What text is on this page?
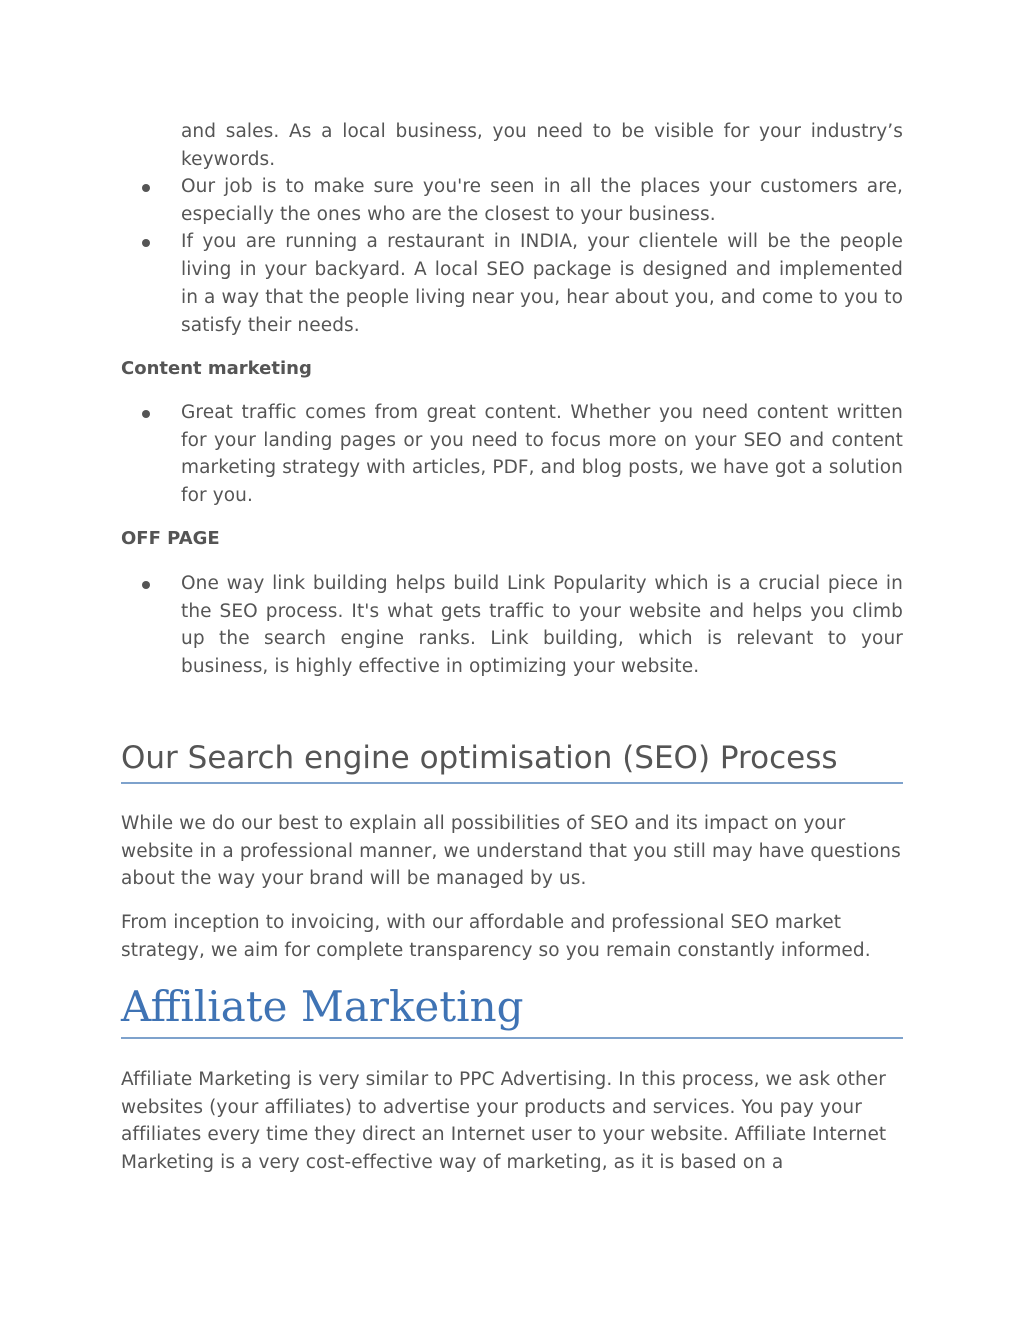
and sales. As a local business, you need to be visible for your industry’s keywords.
Our job is to make sure you're seen in all the places your customers are, especially the ones who are the closest to your business.
If you are running a restaurant in INDIA, your clientele will be the people living in your backyard. A local SEO package is designed and implemented in a way that the people living near you, hear about you, and come to you to satisfy their needs.
Content marketing
Great traffic comes from great content. Whether you need content written for your landing pages or you need to focus more on your SEO and content marketing strategy with articles, PDF, and blog posts, we have got a solution for you.
OFF PAGE
One way link building helps build Link Popularity which is a crucial piece in the SEO process. It's what gets traffic to your website and helps you climb up the search engine ranks. Link building, which is relevant to your business, is highly effective in optimizing your website.
Our Search engine optimisation (SEO) Process
While we do our best to explain all possibilities of SEO and its impact on your website in a professional manner, we understand that you still may have questions about the way your brand will be managed by us.
From inception to invoicing, with our affordable and professional SEO market strategy, we aim for complete transparency so you remain constantly informed.
Affiliate Marketing
Affiliate Marketing is very similar to PPC Advertising. In this process, we ask other websites (your affiliates) to advertise your products and services. You pay your affiliates every time they direct an Internet user to your website. Affiliate Internet Marketing is a very cost-effective way of marketing, as it is based on a
